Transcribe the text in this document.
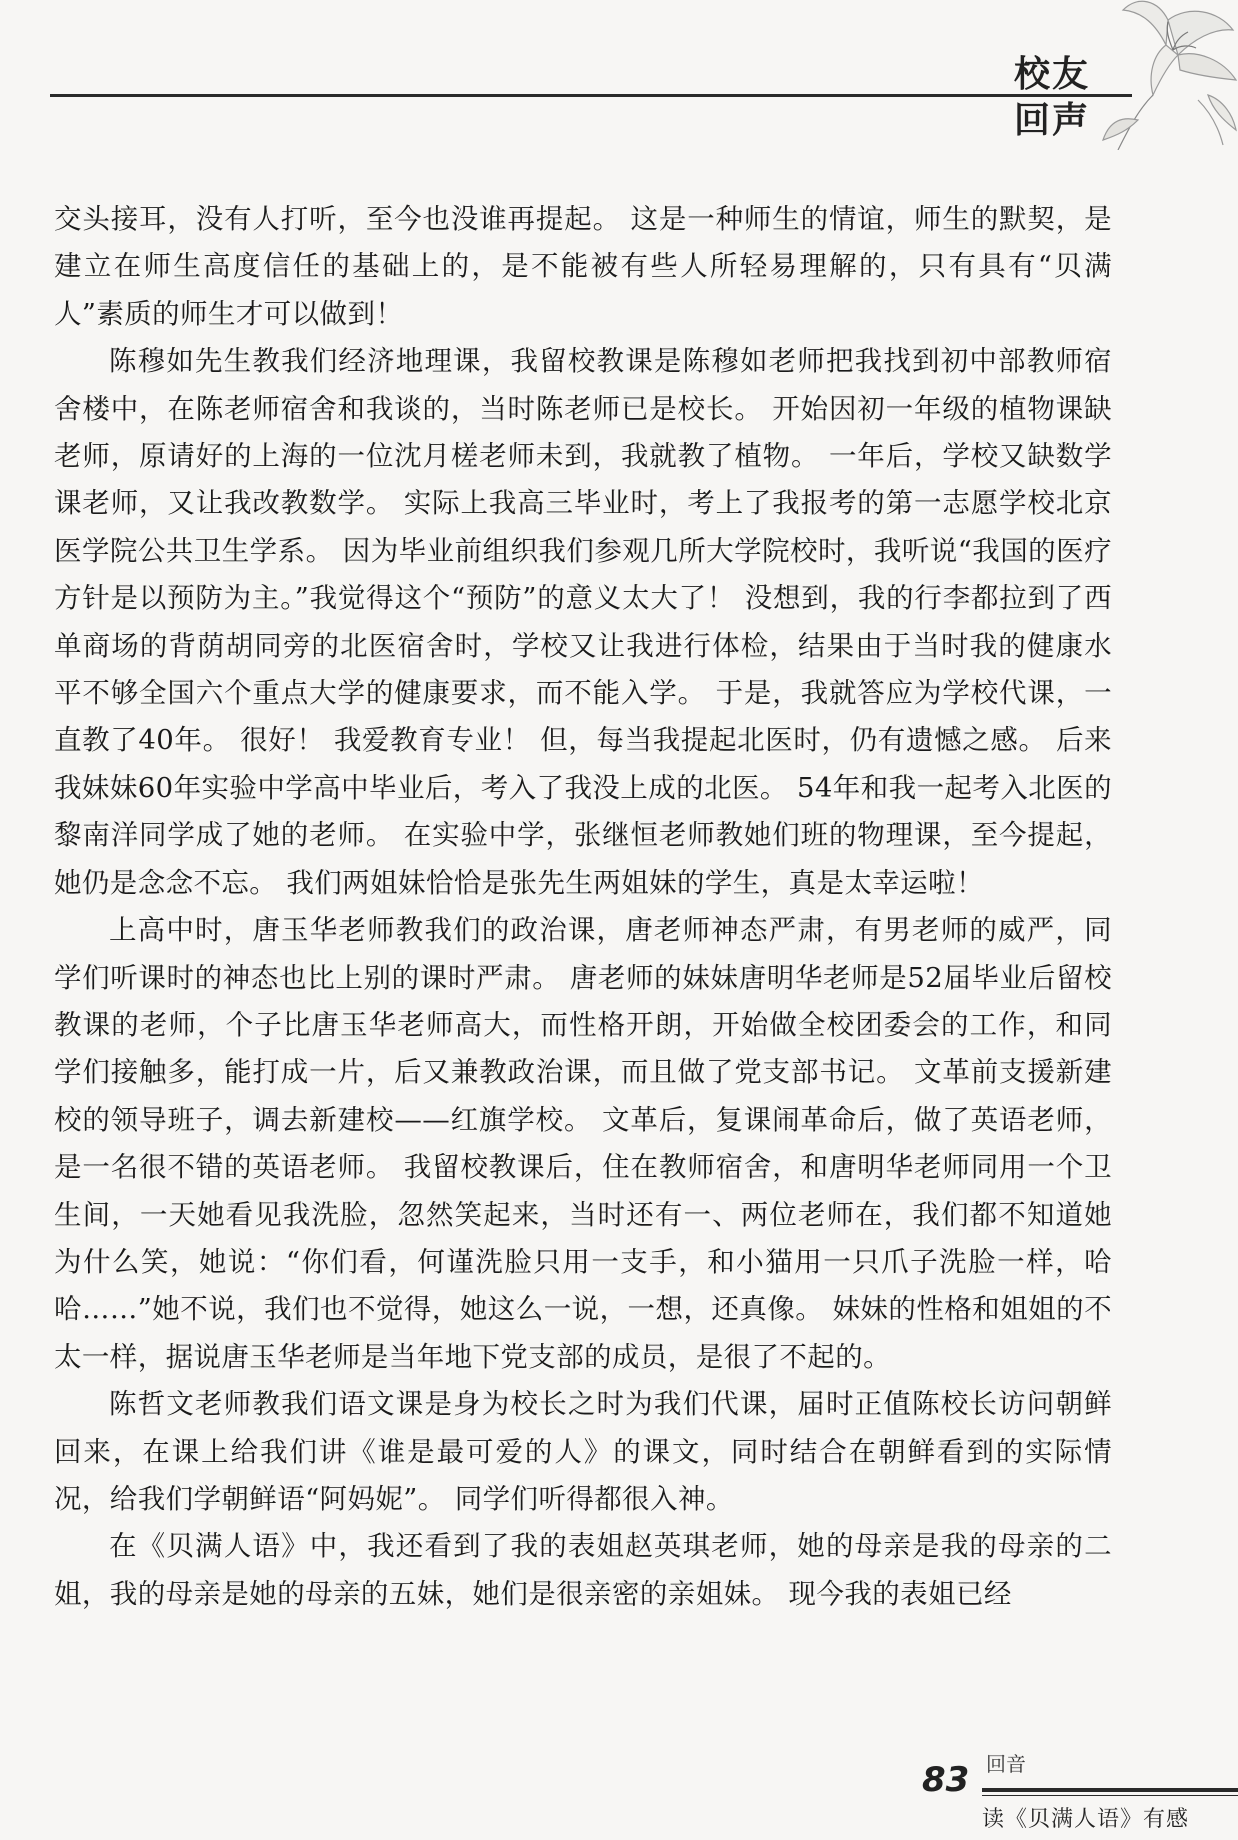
校友
回声

交头接耳，没有人打听，至今也没谁再提起。 这是一种师生的情谊，师生的默契，是建立在师生高度信任的基础上的，是不能被有些人所轻易理解的，只有具有“贝满人”素质的师生才可以做到！

陈穆如先生教我们经济地理课，我留校教课是陈穆如老师把我找到初中部教师宿舍楼中，在陈老师宿舍和我谈的，当时陈老师已是校长。 开始因初一年级的植物课缺老师，原请好的上海的一位沈月槎老师未到，我就教了植物。 一年后，学校又缺数学课老师，又让我改教数学。 实际上我高三毕业时，考上了我报考的第一志愿学校北京医学院公共卫生学系。 因为毕业前组织我们参观几所大学院校时，我听说“我国的医疗方针是以预防为主。”我觉得这个“预防”的意义太大了！ 没想到，我的行李都拉到了西单商场的背荫胡同旁的北医宿舍时，学校又让我进行体检，结果由于当时我的健康水平不够全国六个重点大学的健康要求，而不能入学。 于是，我就答应为学校代课，一直教了40年。 很好！ 我爱教育专业！ 但，每当我提起北医时，仍有遗憾之感。 后来我妹妹60年实验中学高中毕业后，考入了我没上成的北医。 54年和我一起考入北医的黎南洋同学成了她的老师。 在实验中学，张继恒老师教她们班的物理课，至今提起，她仍是念念不忘。 我们两姐妹恰恰是张先生两姐妹的学生，真是太幸运啦！

上高中时，唐玉华老师教我们的政治课，唐老师神态严肃，有男老师的威严，同学们听课时的神态也比上别的课时严肃。 唐老师的妹妹唐明华老师是52届毕业后留校教课的老师，个子比唐玉华老师高大，而性格开朗，开始做全校团委会的工作，和同学们接触多，能打成一片，后又兼教政治课，而且做了党支部书记。 文革前支援新建校的领导班子，调去新建校——红旗学校。 文革后，复课闹革命后，做了英语老师，是一名很不错的英语老师。 我留校教课后，住在教师宿舍，和唐明华老师同用一个卫生间，一天她看见我洗脸，忽然笑起来，当时还有一、两位老师在，我们都不知道她为什么笑，她说：“你们看，何谨洗脸只用一支手，和小猫用一只爪子洗脸一样，哈哈……”她不说，我们也不觉得，她这么一说，一想，还真像。 妹妹的性格和姐姐的不太一样，据说唐玉华老师是当年地下党支部的成员，是很了不起的。

陈哲文老师教我们语文课是身为校长之时为我们代课，届时正值陈校长访问朝鲜回来，在课上给我们讲《谁是最可爱的人》的课文，同时结合在朝鲜看到的实际情况，给我们学朝鲜语“阿妈妮”。 同学们听得都很入神。

在《贝满人语》中，我还看到了我的表姐赵英琪老师，她的母亲是我的母亲的二姐，我的母亲是她的母亲的五妹，她们是很亲密的亲姐妹。 现今我的表姐已经

83 回音
读《贝满人语》有感
